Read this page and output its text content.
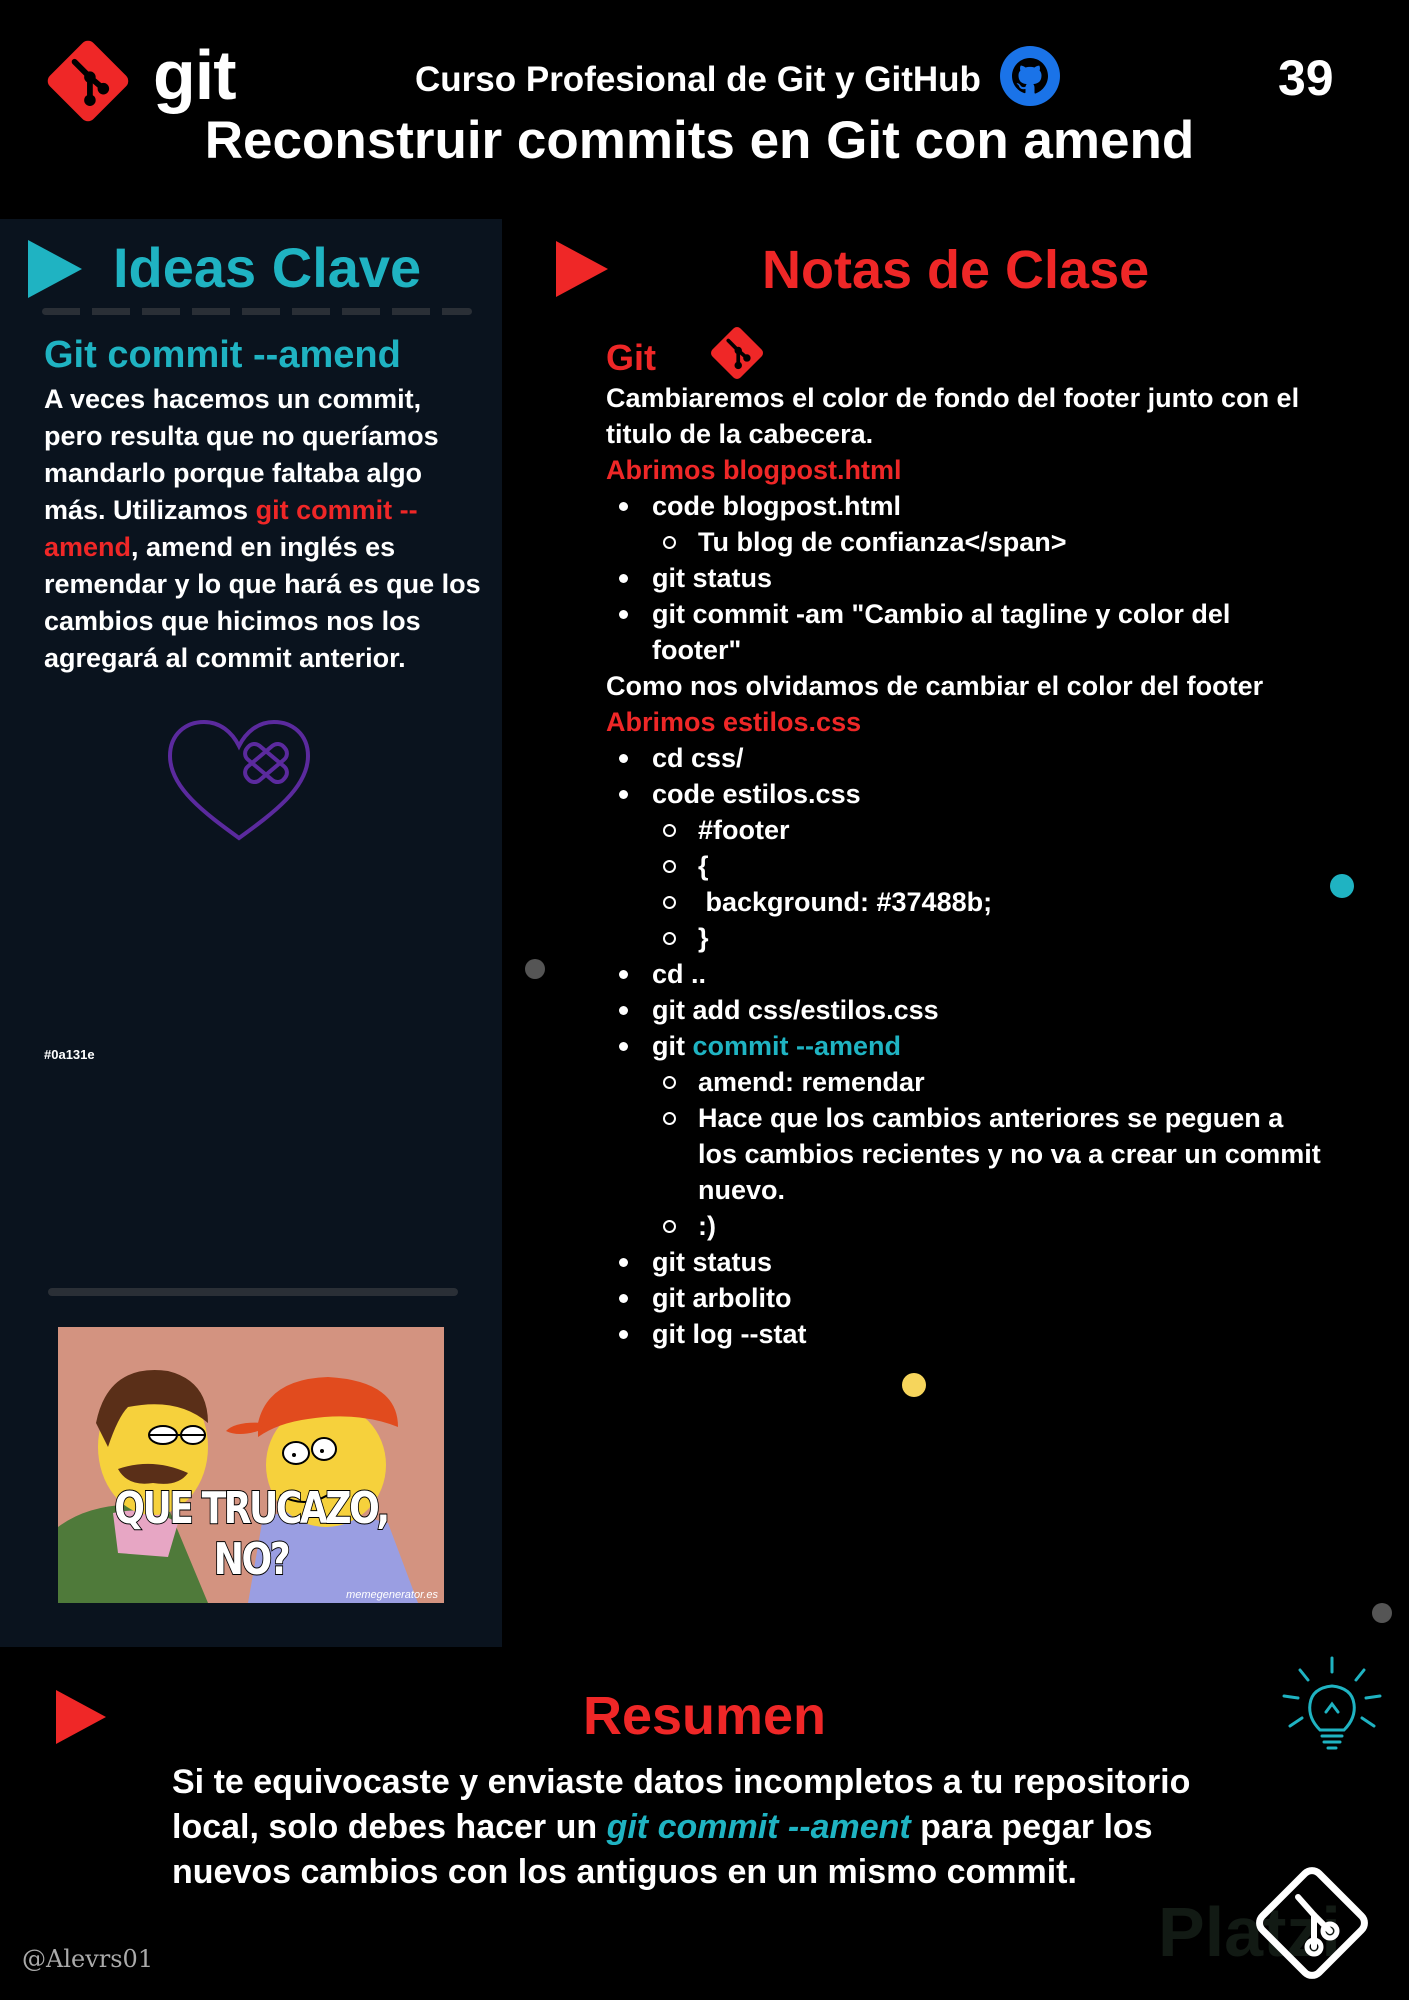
git	Curso Profesional de Git y GitHub	39
Reconstruir commits en Git con amend
Ideas Clave
Git commit --amend
A veces hacemos un commit, pero resulta que no queríamos mandarlo porque faltaba algo más. Utilizamos git commit --amend, amend en inglés es remendar y lo que hará es que los cambios que hicimos nos los agregará al commit anterior.
#0a131e
QUE TRUCAZO, NO?
memegenerator.es
Notas de Clase
Git
Cambiaremos el color de fondo del footer junto con el titulo de la cabecera.
Abrimos blogpost.html
code blogpost.html
Tu blog de confianza</span>
git status
git commit -am "Cambio al tagline y color del footer"
Como nos olvidamos de cambiar el color del footer
Abrimos estilos.css
cd css/
code estilos.css
#footer
{
background: #37488b;
}
cd ..
git add css/estilos.css
git commit --amend
amend: remendar
Hace que los cambios anteriores se peguen a los cambios recientes y no va a crear un commit nuevo.
:)
git status
git arbolito
git log --stat
Resumen
Si te equivocaste y enviaste datos incompletos a tu repositorio local, solo debes hacer un git commit --ament para pegar los nuevos cambios con los antiguos en un mismo commit.
@Alevrs01	Platzi
